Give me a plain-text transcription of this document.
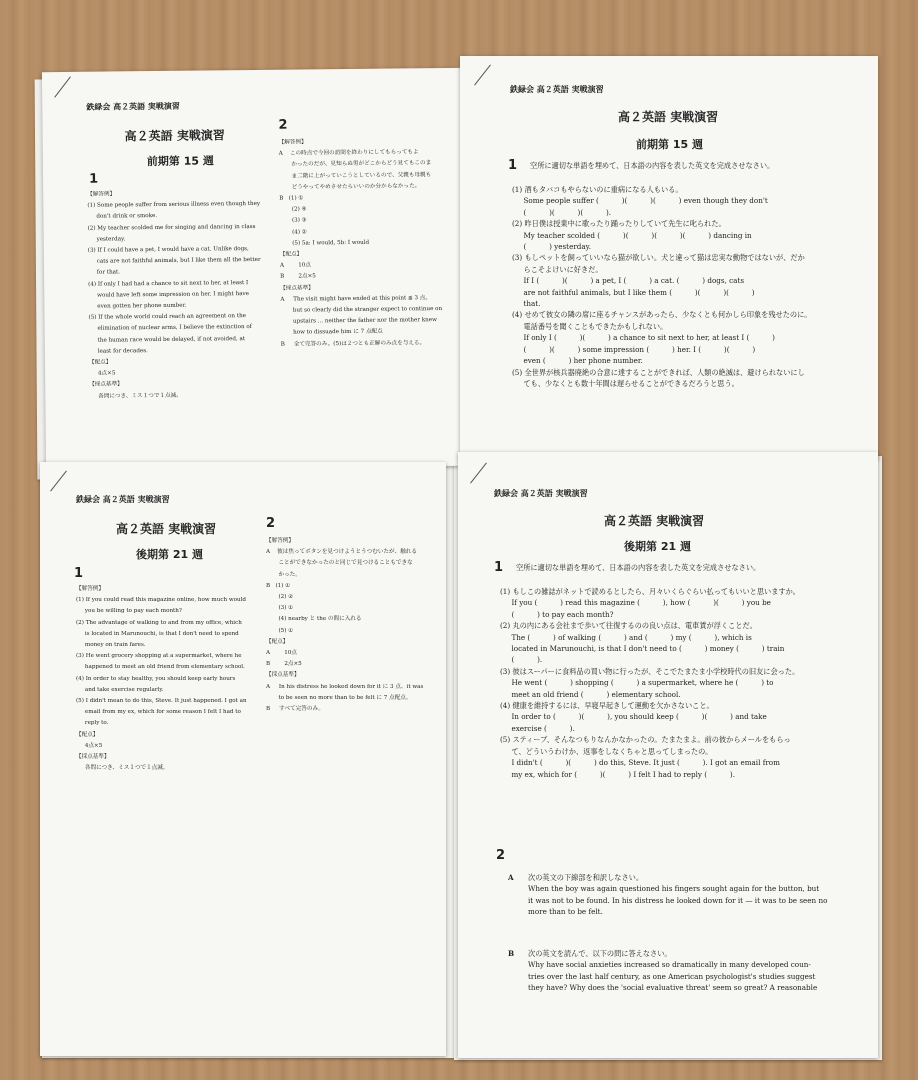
鉄緑会 高２英語 実戦演習
高２英語 実戦演習
前期第 15 週
1
2
【解答例】
(1) Some people suffer from serious illness even though they
don't drink or smoke.
(2) My teacher scolded me for singing and dancing in class
yesterday.
(3) If I could have a pet, I would have a cat. Unlike dogs,
cats are not faithful animals, but I like them all the better
for that.
(4) If only I had had a chance to sit next to her, at least I
would have left some impression on her. I might have
even gotten her phone number.
(5) If the whole world could reach an agreement on the
elimination of nuclear arms, I believe the extinction of
the human race would be delayed, if not avoided, at
least for decades.
【配点】
4点×5
【採点基準】
各問につき、ミス１つで１点減。
【解答例】
A    この時点で今回の訪問を終わりにしてもらってもよ
かったのだが、見知らぬ男がどこからどう見てもこのま
ま二階に上がっていこうとしているので、父親も母親も
どうやってやめさせたらいいのか分からなかった。
B   (1) ①
(2) ④
(3) ③
(4) ②
(5) 5a: I would, 5b: I would
【配点】
A        10点
B        2点×5
【採点基準】
A     The visit might have ended at this point ≦ 3 点。
but so clearly did the stranger expect to continue on
upstairs ... neither the father nor the mother knew
how to dissuade him に 7 点配点
B     全て完答のみ。(5)は２つとも正解のみ点を与える。
鉄緑会 高２英語 実戦演習
高２英語 実戦演習
前期第 15 週
1 空所に適切な単語を埋めて、日本語の内容を表した英文を完成させなさい。
(1) 酒もタバコもやらないのに重病になる人もいる。
Some people suffer (          )(          )(          ) even though they don't
(          )(          )(          ).
(2) 昨日僕は授業中に歌ったり踊ったりしていて先生に叱られた。
My teacher scolded (          )(          )(          )(          ) dancing in
(          ) yesterday.
(3) もしペットを飼っていいなら猫が欲しい。犬と違って猫は忠実な動物ではないが、だか
らこそよけいに好きだ。
If I (          )(          ) a pet, I (          ) a cat. (          ) dogs, cats
are not faithful animals, but I like them (          )(          )(          )
that.
(4) せめて彼女の隣の席に座るチャンスがあったら、少なくとも何かしら印象を残せたのに。
電話番号を聞くこともできたかもしれない。
If only I (          )(          ) a chance to sit next to her, at least I (          )
(          )(          ) some impression (          ) her. I (          )(          )
even (          ) her phone number.
(5) 全世界が核兵器廃絶の合意に達することができれば、人類の絶滅は、避けられないにし
ても、少なくとも数十年間は遅らせることができるだろうと思う。
鉄緑会 高２英語 実戦演習
高２英語 実戦演習
後期第 21 週
1
2
【解答例】
(1) If you could read this magazine online, how much would
you be willing to pay each month?
(2) The advantage of walking to and from my office, which
is located in Marunouchi, is that I don't need to spend
money on train fares.
(3) He went grocery shopping at a supermarket, where he
happened to meet an old friend from elementary school.
(4) In order to stay healthy, you should keep early hours
and take exercise regularly.
(5) I didn't mean to do this, Steve. It just happened. I got an
email from my ex, which for some reason I felt I had to
reply to.
【配点】
4点×5
【採点基準】
各問につき、ミス１つで１点減。
【解答例】
A    彼は焦ってボタンを見つけようとうつむいたが、触れる
ことができなかったのと同じで見つけることもできな
かった。
B   (1) ①
(2) ②
(3) ①
(4) nearby と the の間に入れる
(5) ①
【配点】
A        10点
B        2点×5
【採点基準】
A     In his distress he looked down for it に 3 点、it was
to be seen no more than to be felt に 7 点配点。
B     すべて完答のみ。
鉄緑会 高２英語 実戦演習
高２英語 実戦演習
後期第 21 週
1 空所に適切な単語を埋めて、日本語の内容を表した英文を完成させなさい。
(1) もしこの雑誌がネットで読めるとしたら、月々いくらぐらい払ってもいいと思いますか。
If you (          ) read this magazine (          ), how (          )(          ) you be
(          ) to pay each month?
(2) 丸の内にある会社まで歩いて往復するのの良い点は、電車賃が浮くことだ。
The (          ) of walking (          ) and (          ) my (          ), which is
located in Marunouchi, is that I don't need to (          ) money (          ) train
(          ).
(3) 彼はスーパーに食料品の買い物に行ったが、そこでたまたま小学校時代の旧友に会った。
He went (          ) shopping (          ) a supermarket, where he (          ) to
meet an old friend (          ) elementary school.
(4) 健康を維持するには、早寝早起きして運動を欠かさないこと。
In order to (          )(          ), you should keep (          )(          ) and take
exercise (          ).
(5) スティーブ、そんなつもりなんかなかったの。たまたまよ。前の彼からメールをもらっ
て、どういうわけか、返事をしなくちゃと思ってしまったの。
I didn't (          )(          ) do this, Steve. It just (          ). I got an email from
my ex, which for (          )(          ) I felt I had to reply (          ).
2
A 次の英文の下線部を和訳しなさい。
When the boy was again questioned his fingers sought again for the button, but
it was not to be found. In his distress he looked down for it — it was to be seen no
more than to be felt.
B 次の英文を読んで、以下の問に答えなさい。
Why have social anxieties increased so dramatically in many developed coun-
tries over the last half century, as one American psychologist's studies suggest
they have? Why does the 'social evaluative threat' seem so great? A reasonable
